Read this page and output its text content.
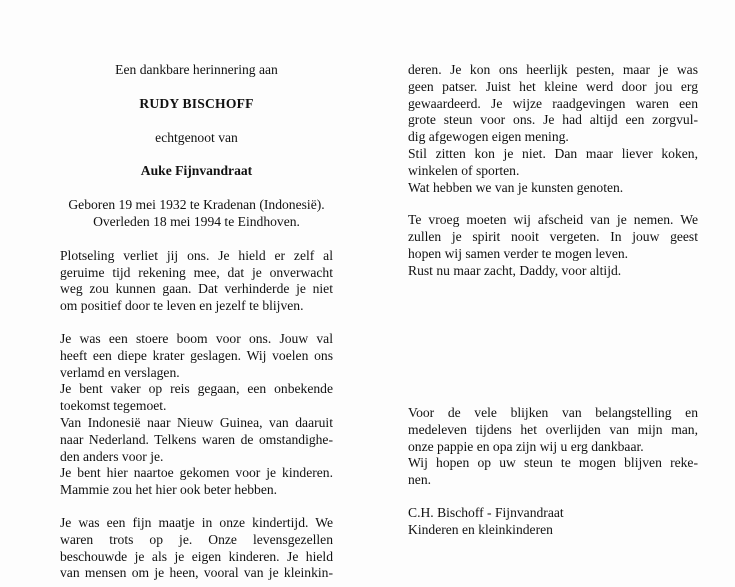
Een dankbare herinnering aan
RUDY BISCHOFF
echtgenoot van
Auke Fijnvandraat
Geboren 19 mei 1932 te Kradenan (Indonesië).
Overleden 18 mei 1994 te Eindhoven.
Plotseling verliet jij ons. Je hield er zelf al
geruime tijd rekening mee, dat je onverwacht
weg zou kunnen gaan. Dat verhinderde je niet
om positief door te leven en jezelf te blijven.
Je was een stoere boom voor ons. Jouw val
heeft een diepe krater geslagen. Wij voelen ons
verlamd en verslagen.
Je bent vaker op reis gegaan, een onbekende
toekomst tegemoet.
Van Indonesië naar Nieuw Guinea, van daaruit
naar Nederland. Telkens waren de omstandighe-
den anders voor je.
Je bent hier naartoe gekomen voor je kinderen.
Mammie zou het hier ook beter hebben.
Je was een fijn maatje in onze kindertijd. We
waren trots op je. Onze levensgezellen
beschouwde je als je eigen kinderen. Je hield
van mensen om je heen, vooral van je kleinkin-
deren. Je kon ons heerlijk pesten, maar je was
geen patser. Juist het kleine werd door jou erg
gewaardeerd. Je wijze raadgevingen waren een
grote steun voor ons. Je had altijd een zorgvul-
dig afgewogen eigen mening.
Stil zitten kon je niet. Dan maar liever koken,
winkelen of sporten.
Wat hebben we van je kunsten genoten.
Te vroeg moeten wij afscheid van je nemen. We
zullen je spirit nooit vergeten. In jouw geest
hopen wij samen verder te mogen leven.
Rust nu maar zacht, Daddy, voor altijd.
Voor de vele blijken van belangstelling en
medeleven tijdens het overlijden van mijn man,
onze pappie en opa zijn wij u erg dankbaar.
Wij hopen op uw steun te mogen blijven reke-
nen.
C.H. Bischoff - Fijnvandraat
Kinderen en kleinkinderen
